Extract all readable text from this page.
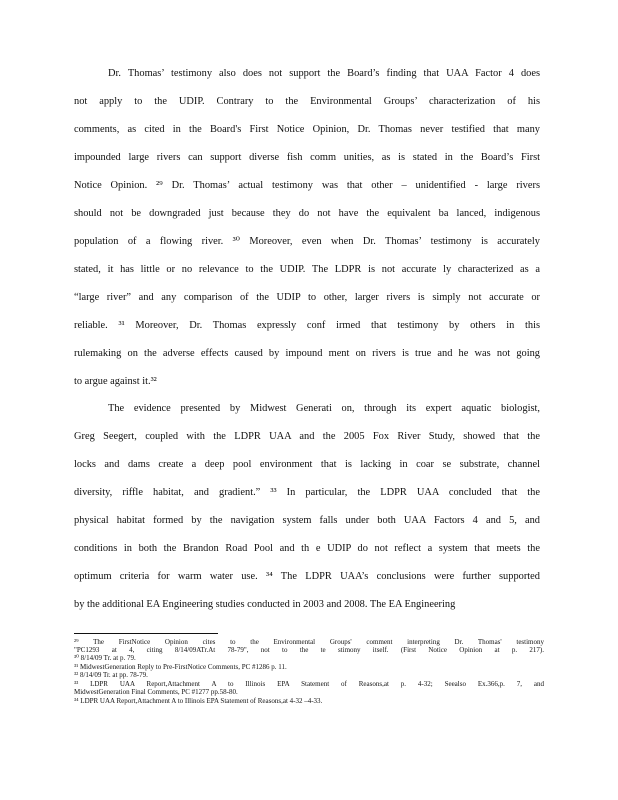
Dr. Thomas’ testimony also does not support the Board’s finding that UAA Factor 4 does
not apply to the UDIP. Contrary to the Environmental Groups’ characterization of his
comments, as cited in the Board's First Notice Opinion, Dr. Thomas never testified that many
impounded large rivers can support diverse fish comm unities, as is stated in the Board’s First
Notice Opinion. ²⁹ Dr. Thomas’ actual testimony was that other – unidentified - large rivers
should not be downgraded just because they do not have the equivalent ba lanced, indigenous
population of a flowing river. ³⁰ Moreover, even when Dr. Thomas’ testimony is accurately
stated, it has little or no relevance to the UDIP. The LDPR is not accurate ly characterized as a
“large river” and any comparison of the UDIP to other, larger rivers is simply not accurate or
reliable. ³¹ Moreover, Dr. Thomas expressly conf irmed that testimony by others in this
rulemaking on the adverse effects caused by impound ment on rivers is true and he was not going
to argue against it.³²
The evidence presented by Midwest Generati on, through its expert aquatic biologist,
Greg Seegert, coupled with the LDPR UAA and the 2005 Fox River Study, showed that the
locks and dams create a deep pool environment that is lacking in coar se substrate, channel
diversity, riffle habitat, and gradient.” ³³ In particular, the LDPR UAA concluded that the
physical habitat formed by the navigation system falls under both UAA Factors 4 and 5, and
conditions in both the Brandon Road Pool and th e UDIP do not reflect a system that meets the
optimum criteria for warm water use. ³⁴ The LDPR UAA’s conclusions were further supported
by the additional EA Engineering studies conducted in 2003 and 2008. The EA Engineering
²⁹ The FirstNotice Opinion cites to the Environmental Groups' comment interpreting Dr. Thomas' testimony
"PC1293 at 4, citing 8/14/09ATr.At 78-79", not to the te stimony itself. (First Notice Opinion at p. 217).
³⁰ 8/14/09 Tr. at p. 79.
³¹ MidwestGeneration Reply to Pre-FirstNotice Comments, PC #1286 p. 11.
³² 8/14/09 Tr. at pp. 78-79.
³³ LDPR UAA Report,Attachment A to Illinois EPA Statement of Reasons,at p. 4-32; Seealso Ex.366,p. 7, and
MidwestGeneration Final Comments, PC #1277 pp.58-80.
³⁴ LDPR UAA Report,Attachment A to Illinois EPA Statement of Reasons,at 4-32 –4-33.
